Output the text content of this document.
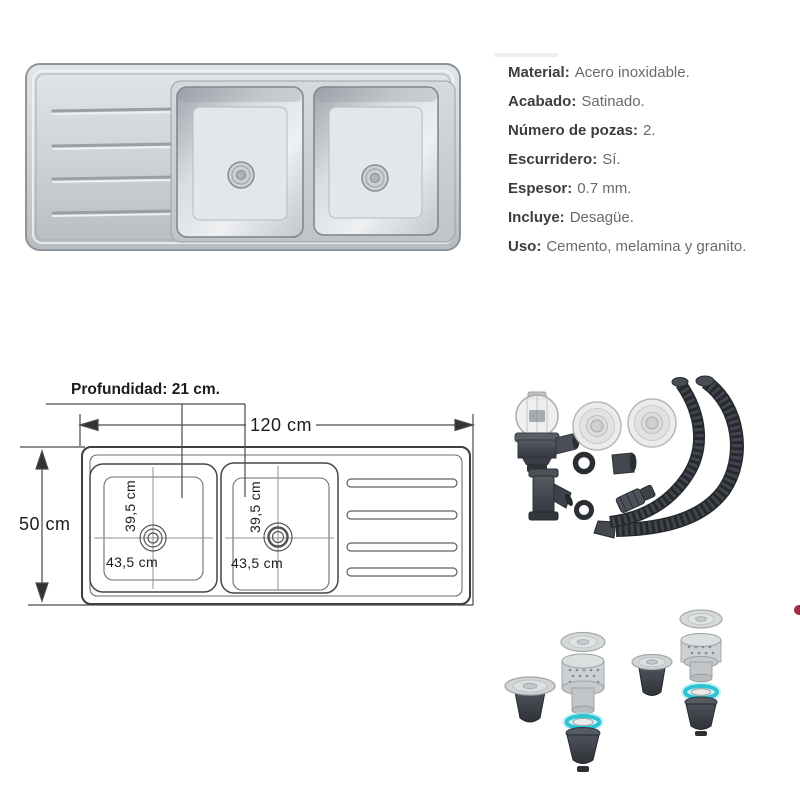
Material: Acero inoxidable.
Acabado: Satinado.
Número de pozas: 2.
Escurridero: Sí.
Espesor: 0.7 mm.
Incluye: Desagüe.
Uso: Cemento, melamina y granito.
Profundidad: 21 cm.
120 cm
50 cm	39,5 cm
43,5 cm
39,5 cm
43,5 cm
